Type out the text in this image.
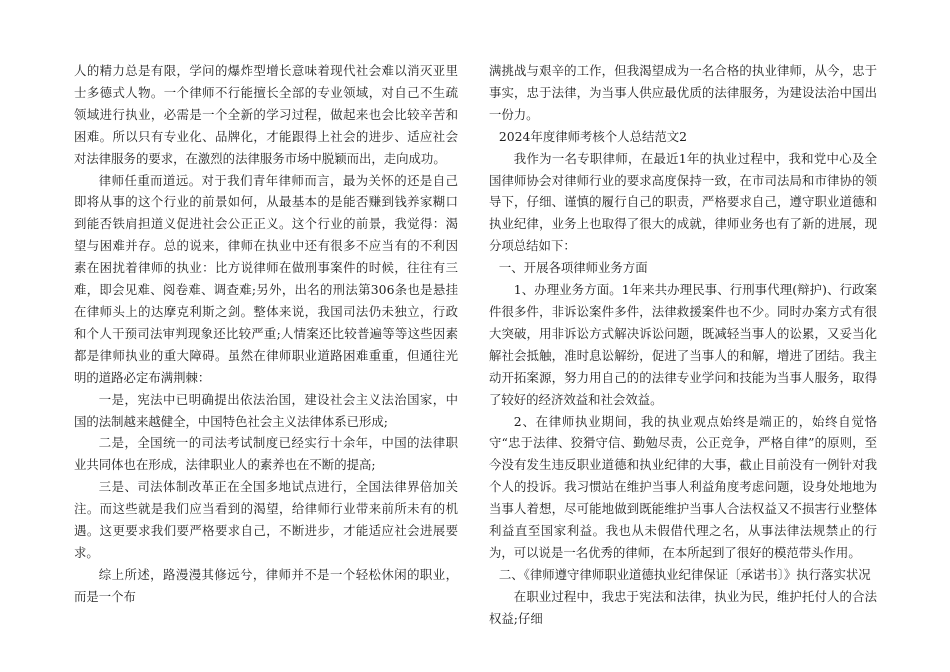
人的精力总是有限，学问的爆炸型增长意味着现代社会难以消灭亚里士多德式人物。一个律师不行能擅长全部的专业领域，对自己不生疏领域进行执业，必需是一个全新的学习过程，做起来也会比较辛苦和困难。所以只有专业化、品牌化，才能跟得上社会的进步、适应社会对法律服务的要求，在激烈的法律服务市场中脱颖而出，走向成功。

律师任重而道远。对于我们青年律师而言，最为关怀的还是自己即将从事的这个行业的前景如何，从最基本的是能否赚到钱养家糊口到能否铁肩担道义促进社会公正正义。这个行业的前景，我觉得：渴望与困难并存。总的说来，律师在执业中还有很多不应当有的不利因素在困扰着律师的执业：比方说律师在做刑事案件的时候，往往有三难，即会见难、阅卷难、调查难;另外，出名的刑法第306条也是悬挂在律师头上的达摩克利斯之剑。整体来说，我国司法仍未独立，行政和个人干预司法审判现象还比较严重;人情案还比较普遍等等这些因素都是律师执业的重大障碍。虽然在律师职业道路困难重重，但通往光明的道路必定布满荆棘：

一是，宪法中已明确提出依法治国，建设社会主义法治国家，中国的法制越来越健全，中国特色社会主义法律体系已形成;

二是，全国统一的司法考试制度已经实行十余年，中国的法律职业共同体也在形成，法律职业人的素养也在不断的提高;

三是、司法体制改革正在全国多地试点进行，全国法律界倍加关注。而这些就是我们应当看到的渴望，给律师行业带来前所未有的机遇。这更要求我们要严格要求自己，不断进步，才能适应社会进展要求。

综上所述，路漫漫其修远兮，律师并不是一个轻松休闲的职业，而是一个布

满挑战与艰辛的工作，但我渴望成为一名合格的执业律师，从今，忠于事实，忠于法律，为当事人供应最优质的法律服务，为建设法治中国出一份力。

2024年度律师考核个人总结范文2

我作为一名专职律师，在最近1年的执业过程中，我和党中心及全国律师协会对律师行业的要求高度保持一致，在市司法局和市律协的领导下，仔细、谨慎的履行自己的职责，严格要求自己，遵守职业道德和执业纪律，业务上也取得了很大的成就，律师业务也有了新的进展，现分项总结如下：

一、开展各项律师业务方面

1、办理业务方面。1年来共办理民事、行刑事代理(辩护)、行政案件很多件，非诉讼案件多件，法律救援案件也不少。同时办案方式有很大突破，用非诉讼方式解决诉讼问题，既减轻当事人的讼累，又妥当化解社会抵触，准时息讼解纷，促进了当事人的和解，增进了团结。我主动开拓案源，努力用自己的的法律专业学问和技能为当事人服务，取得了较好的经济效益和社会效益。

2、在律师执业期间，我的执业观点始终是端正的，始终自觉恪守“忠于法律、狡猾守信、勤勉尽责，公正竞争，严格自律”的原则，至今没有发生违反职业道德和执业纪律的大事，截止目前没有一例针对我个人的投诉。我习惯站在维护当事人利益角度考虑问题，设身处地地为当事人着想，尽可能地做到既能维护当事人合法权益又不损害行业整体利益直至国家利益。我也从未假借代理之名，从事法律法规禁止的行为，可以说是一名优秀的律师，在本所起到了很好的模范带头作用。

二、《律师遵守律师职业道德执业纪律保证〔承诺书〕》执行落实状况

在职业过程中，我忠于宪法和法律，执业为民，维护托付人的合法权益;仔细
